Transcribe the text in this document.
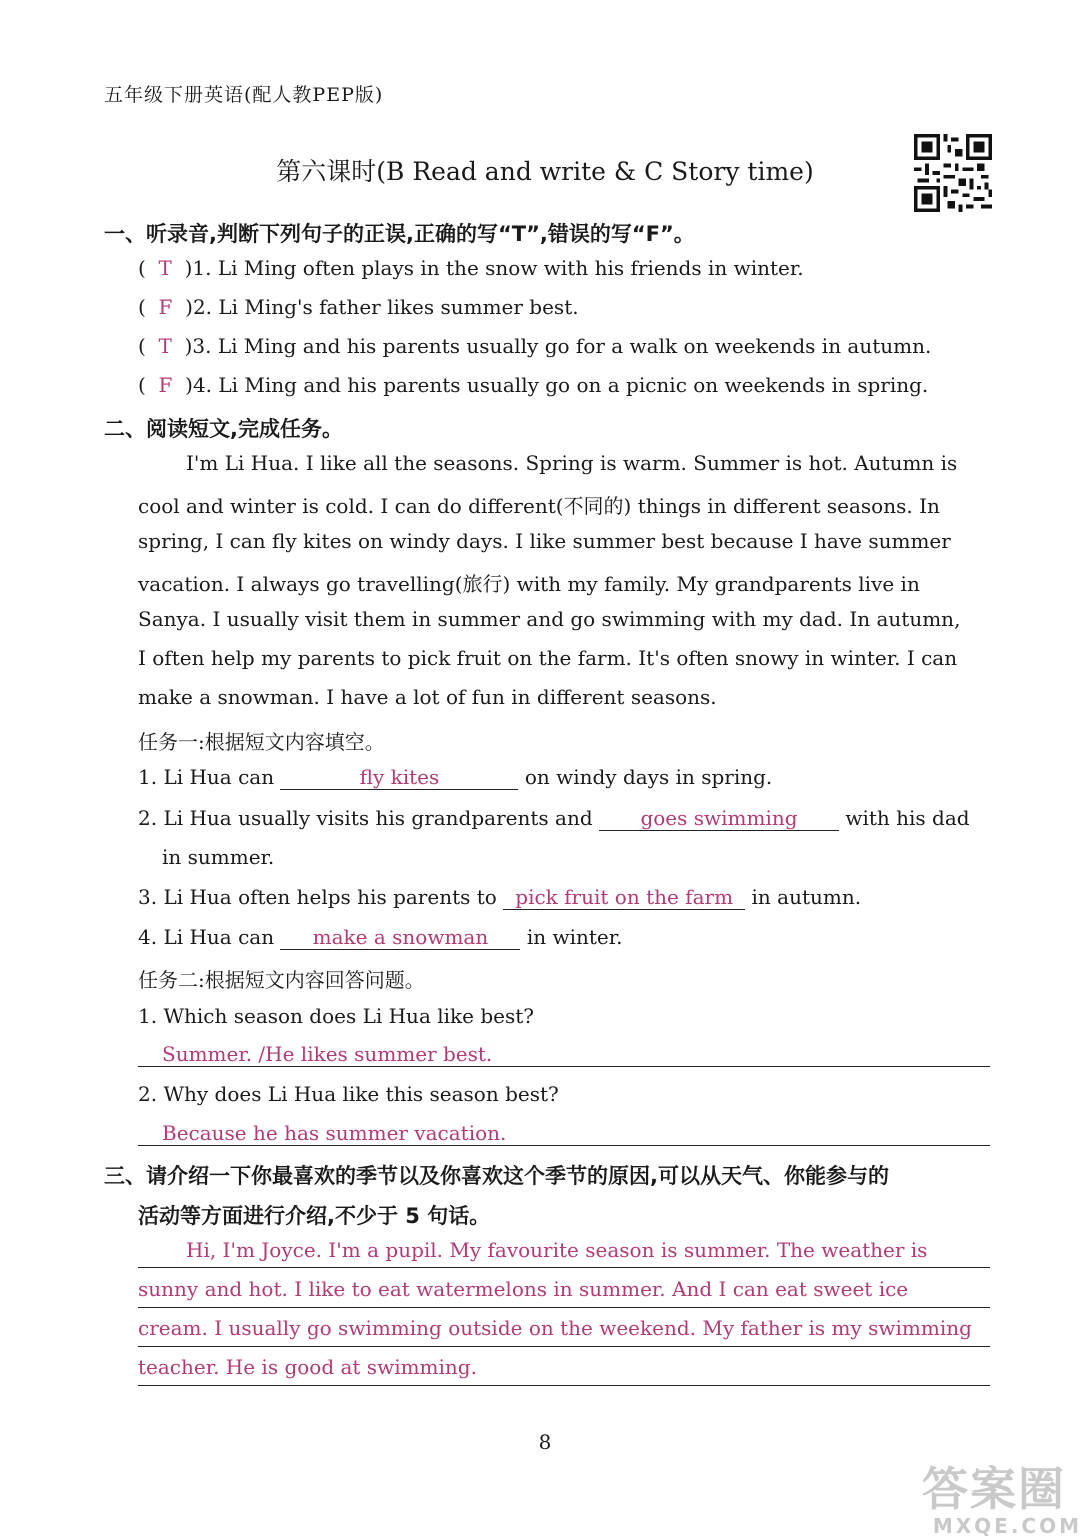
五年级下册英语(配人教PEP版)
第六课时(B Read and write & C Story time)
一、听录音,判断下列句子的正误,正确的写“T”,错误的写“F”。
(  T )1. Li Ming often plays in the snow with his friends in winter.
(  F )2. Li Ming's father likes summer best.
(  T )3. Li Ming and his parents usually go for a walk on weekends in autumn.
(  F )4. Li Ming and his parents usually go on a picnic on weekends in spring.
二、阅读短文,完成任务。
I'm Li Hua. I like all the seasons. Spring is warm. Summer is hot. Autumn is
cool and winter is cold. I can do different(不同的) things in different seasons. In
spring, I can fly kites on windy days. I like summer best because I have summer
vacation. I always go travelling(旅行) with my family. My grandparents live in
Sanya. I usually visit them in summer and go swimming with my dad. In autumn,
I often help my parents to pick fruit on the farm. It's often snowy in winter. I can
make a snowman. I have a lot of fun in different seasons.
任务一:根据短文内容填空。
1. Li Hua can	fly kites	on windy days in spring.
2. Li Hua usually visits his grandparents and goes swimming with his dad
in summer.
3. Li Hua often helps his parents to pick fruit on the farm in autumn.
4. Li Hua can make a snowman in winter.
任务二:根据短文内容回答问题。
1. Which season does Li Hua like best?
Summer. /He likes summer best.
2. Why does Li Hua like this season best?
Because he has summer vacation.
三、请介绍一下你最喜欢的季节以及你喜欢这个季节的原因,可以从天气、你能参与的
活动等方面进行介绍,不少于 5 句话。
Hi, I'm Joyce. I'm a pupil. My favourite season is summer. The weather is
sunny and hot. I like to eat watermelons in summer. And I can eat sweet ice
cream. I usually go swimming outside on the weekend. My father is my swimming
teacher. He is good at swimming.
8
答案圈
MXQE.COM
